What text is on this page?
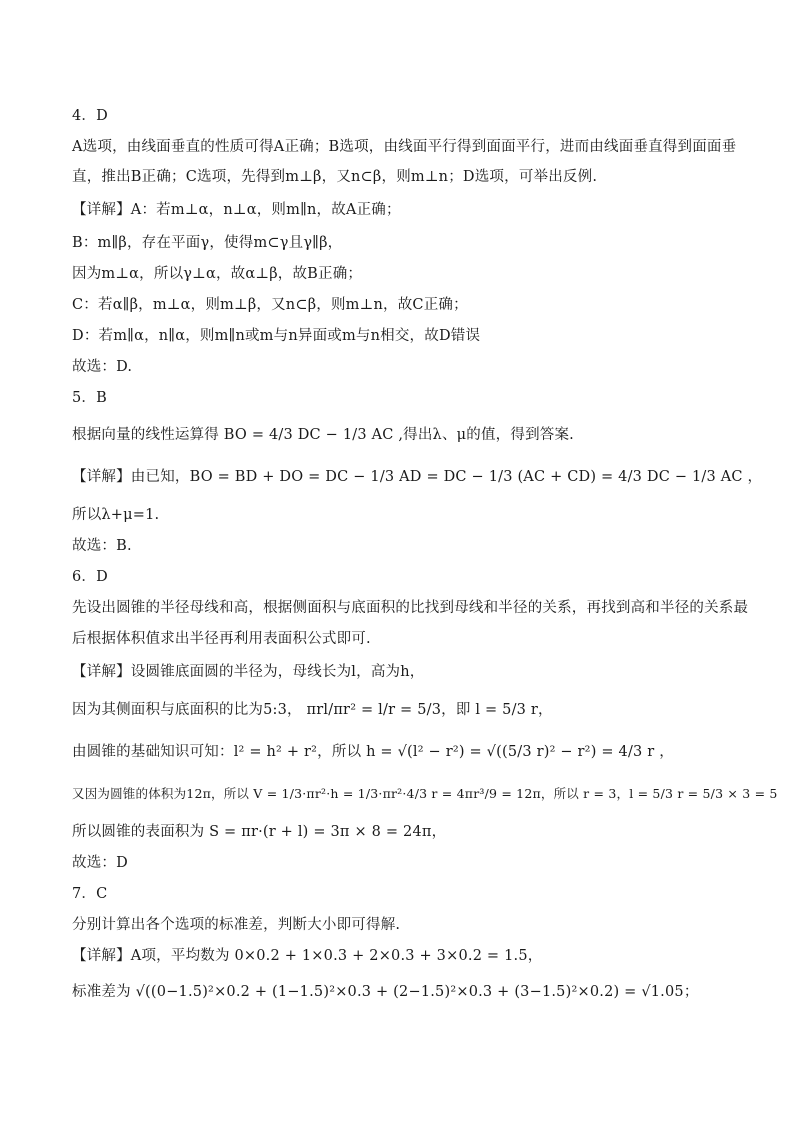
4．D
A选项，由线面垂直的性质可得A正确；B选项，由线面平行得到面面平行，进而由线面垂直得到面面垂
直，推出B正确；C选项，先得到m⊥β，又n⊂β，则m⊥n；D选项，可举出反例.
【详解】A：若m⊥α，n⊥α，则m∥n，故A正确；
B：m∥β，存在平面γ，使得m⊂γ且γ∥β，
因为m⊥α，所以γ⊥α，故α⊥β，故B正确；
C：若α∥β，m⊥α，则m⊥β，又n⊂β，则m⊥n，故C正确；
D：若m∥α，n∥α，则m∥n或m与n异面或m与n相交，故D错误
故选：D.
5．B
根据向量的线性运算得 BO = 4/3 DC − 1/3 AC ,得出λ、μ的值，得到答案.
【详解】由已知，BO = BD + DO = DC − 1/3 AD = DC − 1/3 (AC + CD) = 4/3 DC − 1/3 AC ，
所以λ+μ=1.
故选：B.
6．D
先设出圆锥的半径母线和高，根据侧面积与底面积的比找到母线和半径的关系，再找到高和半径的关系最
后根据体积值求出半径再利用表面积公式即可.
【详解】设圆锥底面圆的半径为，母线长为l，高为h，
因为其侧面积与底面积的比为5:3， πrl/πr² = l/r = 5/3，即 l = 5/3 r，
由圆锥的基础知识可知：l² = h² + r²，所以 h = √(l² − r²) = √((5/3 r)² − r²) = 4/3 r ，
又因为圆锥的体积为12π，所以 V = 1/3·πr²·h = 1/3·πr²·4/3 r = 4πr³/9 = 12π，所以 r = 3，l = 5/3 r = 5/3 × 3 = 5
所以圆锥的表面积为 S = πr·(r + l) = 3π × 8 = 24π，
故选：D
7．C
分别计算出各个选项的标准差，判断大小即可得解.
【详解】A项，平均数为 0×0.2 + 1×0.3 + 2×0.3 + 3×0.2 = 1.5，
标准差为 √((0−1.5)²×0.2 + (1−1.5)²×0.3 + (2−1.5)²×0.3 + (3−1.5)²×0.2) = √1.05；
